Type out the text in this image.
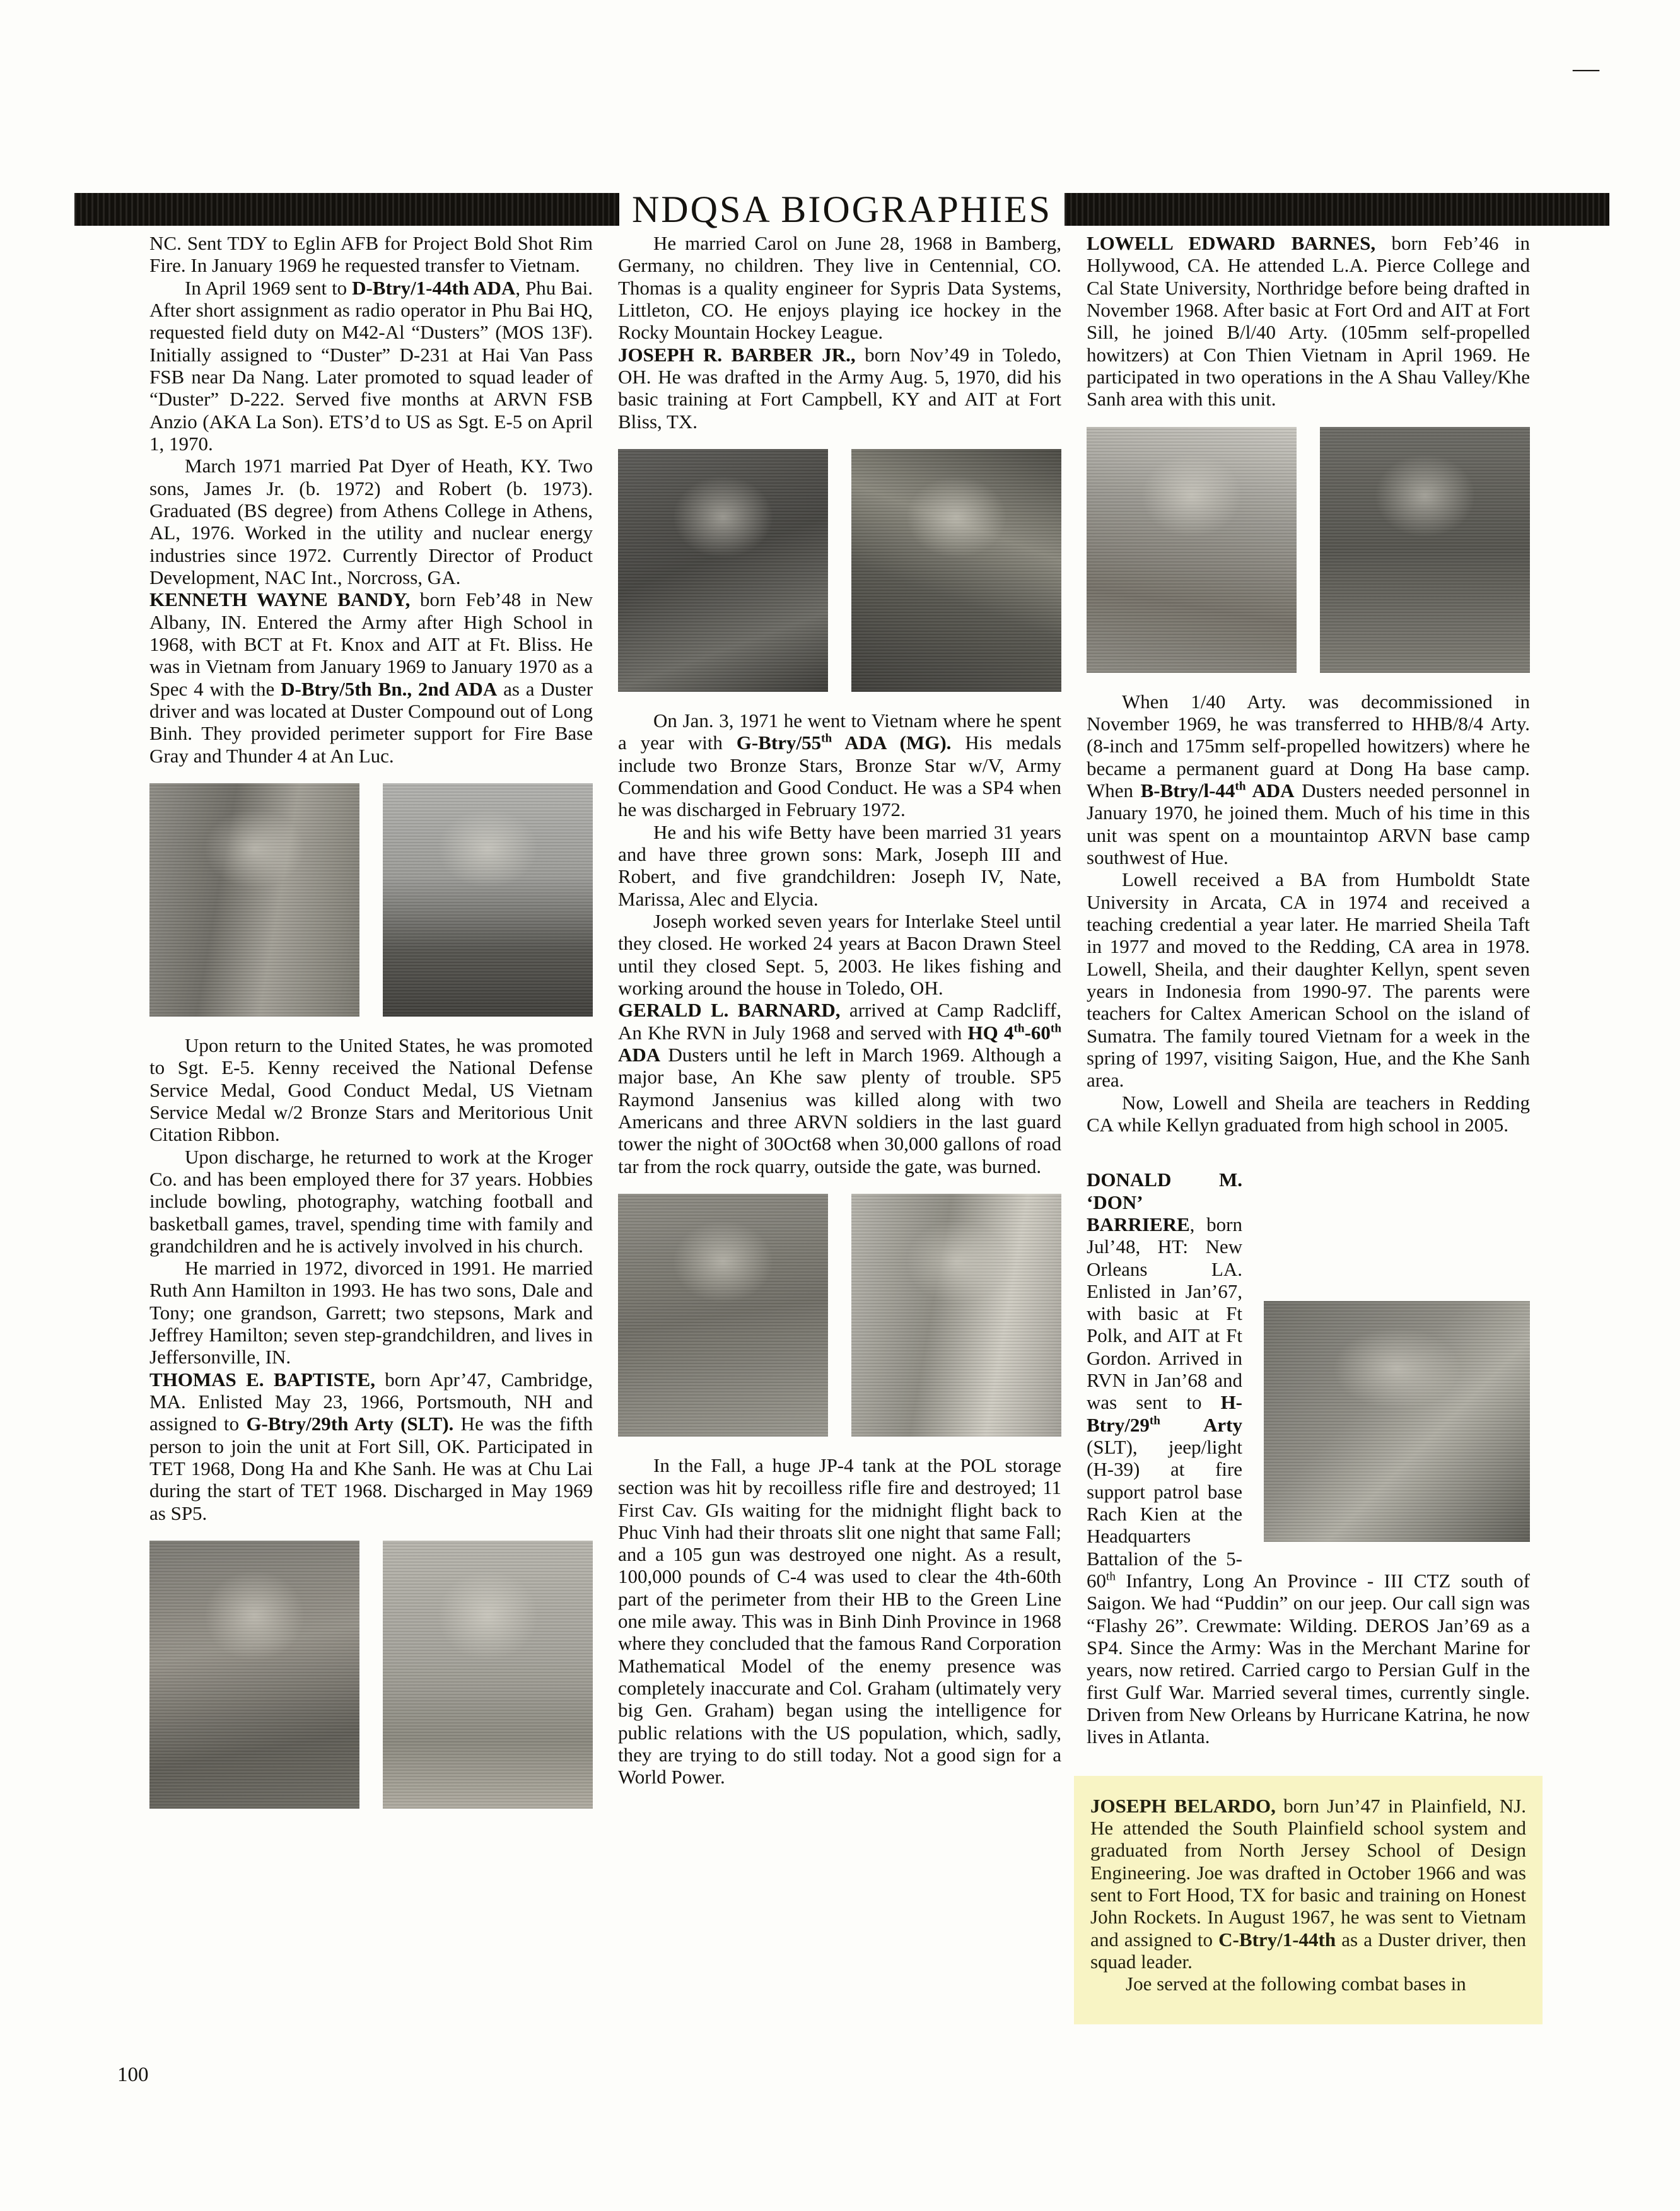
—
NDQSA BIOGRAPHIES

NC. Sent TDY to Eglin AFB for Project Bold Shot Rim Fire. In January 1969 he requested transfer to Vietnam.

In April 1969 sent to D-Btry/1-44th ADA, Phu Bai. After short assignment as radio operator in Phu Bai HQ, requested field duty on M42-Al “Dusters” (MOS 13F). Initially assigned to “Duster” D-231 at Hai Van Pass FSB near Da Nang. Later promoted to squad leader of “Duster” D-222. Served five months at ARVN FSB Anzio (AKA La Son). ETS’d to US as Sgt. E-5 on April 1, 1970.

March 1971 married Pat Dyer of Heath, KY. Two sons, James Jr. (b. 1972) and Robert (b. 1973). Graduated (BS degree) from Athens College in Athens, AL, 1976. Worked in the utility and nuclear energy industries since 1972. Currently Director of Product Development, NAC Int., Norcross, GA.

KENNETH WAYNE BANDY, born Feb’48 in New Albany, IN. Entered the Army after High School in 1968, with BCT at Ft. Knox and AIT at Ft. Bliss. He was in Vietnam from January 1969 to January 1970 as a Spec 4 with the D-Btry/5th Bn., 2nd ADA as a Duster driver and was located at Duster Compound out of Long Binh. They provided perimeter support for Fire Base Gray and Thunder 4 at An Luc.

Upon return to the United States, he was promoted to Sgt. E-5. Kenny received the National Defense Service Medal, Good Conduct Medal, US Vietnam Service Medal w/2 Bronze Stars and Meritorious Unit Citation Ribbon.

Upon discharge, he returned to work at the Kroger Co. and has been employed there for 37 years. Hobbies include bowling, photography, watching football and basketball games, travel, spending time with family and grandchildren and he is actively involved in his church.

He married in 1972, divorced in 1991. He married Ruth Ann Hamilton in 1993. He has two sons, Dale and Tony; one grandson, Garrett; two stepsons, Mark and Jeffrey Hamilton; seven step-grandchildren, and lives in Jeffersonville, IN.

THOMAS E. BAPTISTE, born Apr’47, Cambridge, MA. Enlisted May 23, 1966, Portsmouth, NH and assigned to G-Btry/29th Arty (SLT). He was the fifth person to join the unit at Fort Sill, OK. Participated in TET 1968, Dong Ha and Khe Sanh. He was at Chu Lai during the start of TET 1968. Discharged in May 1969 as SP5.

He married Carol on June 28, 1968 in Bamberg, Germany, no children. They live in Centennial, CO. Thomas is a quality engineer for Sypris Data Systems, Littleton, CO. He enjoys playing ice hockey in the Rocky Mountain Hockey League.

JOSEPH R. BARBER JR., born Nov’49 in Toledo, OH. He was drafted in the Army Aug. 5, 1970, did his basic training at Fort Campbell, KY and AIT at Fort Bliss, TX.

On Jan. 3, 1971 he went to Vietnam where he spent a year with G-Btry/55th ADA (MG). His medals include two Bronze Stars, Bronze Star w/V, Army Commendation and Good Conduct. He was a SP4 when he was discharged in February 1972.

He and his wife Betty have been married 31 years and have three grown sons: Mark, Joseph III and Robert, and five grandchildren: Joseph IV, Nate, Marissa, Alec and Elycia.

Joseph worked seven years for Interlake Steel until they closed. He worked 24 years at Bacon Drawn Steel until they closed Sept. 5, 2003. He likes fishing and working around the house in Toledo, OH.

GERALD L. BARNARD, arrived at Camp Radcliff, An Khe RVN in July 1968 and served with HQ 4th-60th ADA Dusters until he left in March 1969. Although a major base, An Khe saw plenty of trouble. SP5 Raymond Jansenius was killed along with two Americans and three ARVN soldiers in the last guard tower the night of 30Oct68 when 30,000 gallons of road tar from the rock quarry, outside the gate, was burned.

In the Fall, a huge JP-4 tank at the POL storage section was hit by recoilless rifle fire and destroyed; 11 First Cav. GIs waiting for the midnight flight back to Phuc Vinh had their throats slit one night that same Fall; and a 105 gun was destroyed one night. As a result, 100,000 pounds of C-4 was used to clear the 4th-60th part of the perimeter from their HB to the Green Line one mile away. This was in Binh Dinh Province in 1968 where they concluded that the famous Rand Corporation Mathematical Model of the enemy presence was completely inaccurate and Col. Graham (ultimately very big Gen. Graham) began using the intelligence for public relations with the US population, which, sadly, they are trying to do still today. Not a good sign for a World Power.

LOWELL EDWARD BARNES, born Feb’46 in Hollywood, CA. He attended L.A. Pierce College and Cal State University, Northridge before being drafted in November 1968. After basic at Fort Ord and AIT at Fort Sill, he joined B/l/40 Arty. (105mm self-propelled howitzers) at Con Thien Vietnam in April 1969. He participated in two operations in the A Shau Valley/Khe Sanh area with this unit.

When 1/40 Arty. was decommissioned in November 1969, he was transferred to HHB/8/4 Arty. (8-inch and 175mm self-propelled howitzers) where he became a permanent guard at Dong Ha base camp. When B-Btry/l-44th ADA Dusters needed personnel in January 1970, he joined them. Much of his time in this unit was spent on a mountaintop ARVN base camp southwest of Hue.

Lowell received a BA from Humboldt State University in Arcata, CA in 1974 and received a teaching credential a year later. He married Sheila Taft in 1977 and moved to the Redding, CA area in 1978. Lowell, Sheila, and their daughter Kellyn, spent seven years in Indonesia from 1990-97. The parents were teachers for Caltex American School on the island of Sumatra. The family toured Vietnam for a week in the spring of 1997, visiting Saigon, Hue, and the Khe Sanh area.

Now, Lowell and Sheila are teachers in Redding CA while Kellyn graduated from high school in 2005.

DONALD M. ‘DON’ BARRIERE, born Jul’48, HT: New Orleans LA. Enlisted in Jan’67, with basic at Ft Polk, and AIT at Ft Gordon. Arrived in RVN in Jan’68 and was sent to H-Btry/29th Arty (SLT), jeep/light (H-39) at fire support patrol base Rach Kien at the Headquarters Battalion of the 5-60th Infantry, Long An Province - III CTZ south of Saigon. We had “Puddin” on our jeep. Our call sign was “Flashy 26”. Crewmate: Wilding. DEROS Jan’69 as a SP4. Since the Army: Was in the Merchant Marine for years, now retired. Carried cargo to Persian Gulf in the first Gulf War. Married several times, currently single. Driven from New Orleans by Hurricane Katrina, he now lives in Atlanta.

JOSEPH BELARDO, born Jun’47 in Plainfield, NJ. He attended the South Plainfield school system and graduated from North Jersey School of Design Engineering. Joe was drafted in October 1966 and was sent to Fort Hood, TX for basic and training on Honest John Rockets. In August 1967, he was sent to Vietnam and assigned to C-Btry/1-44th as a Duster driver, then squad leader.

Joe served at the following combat bases in

100
